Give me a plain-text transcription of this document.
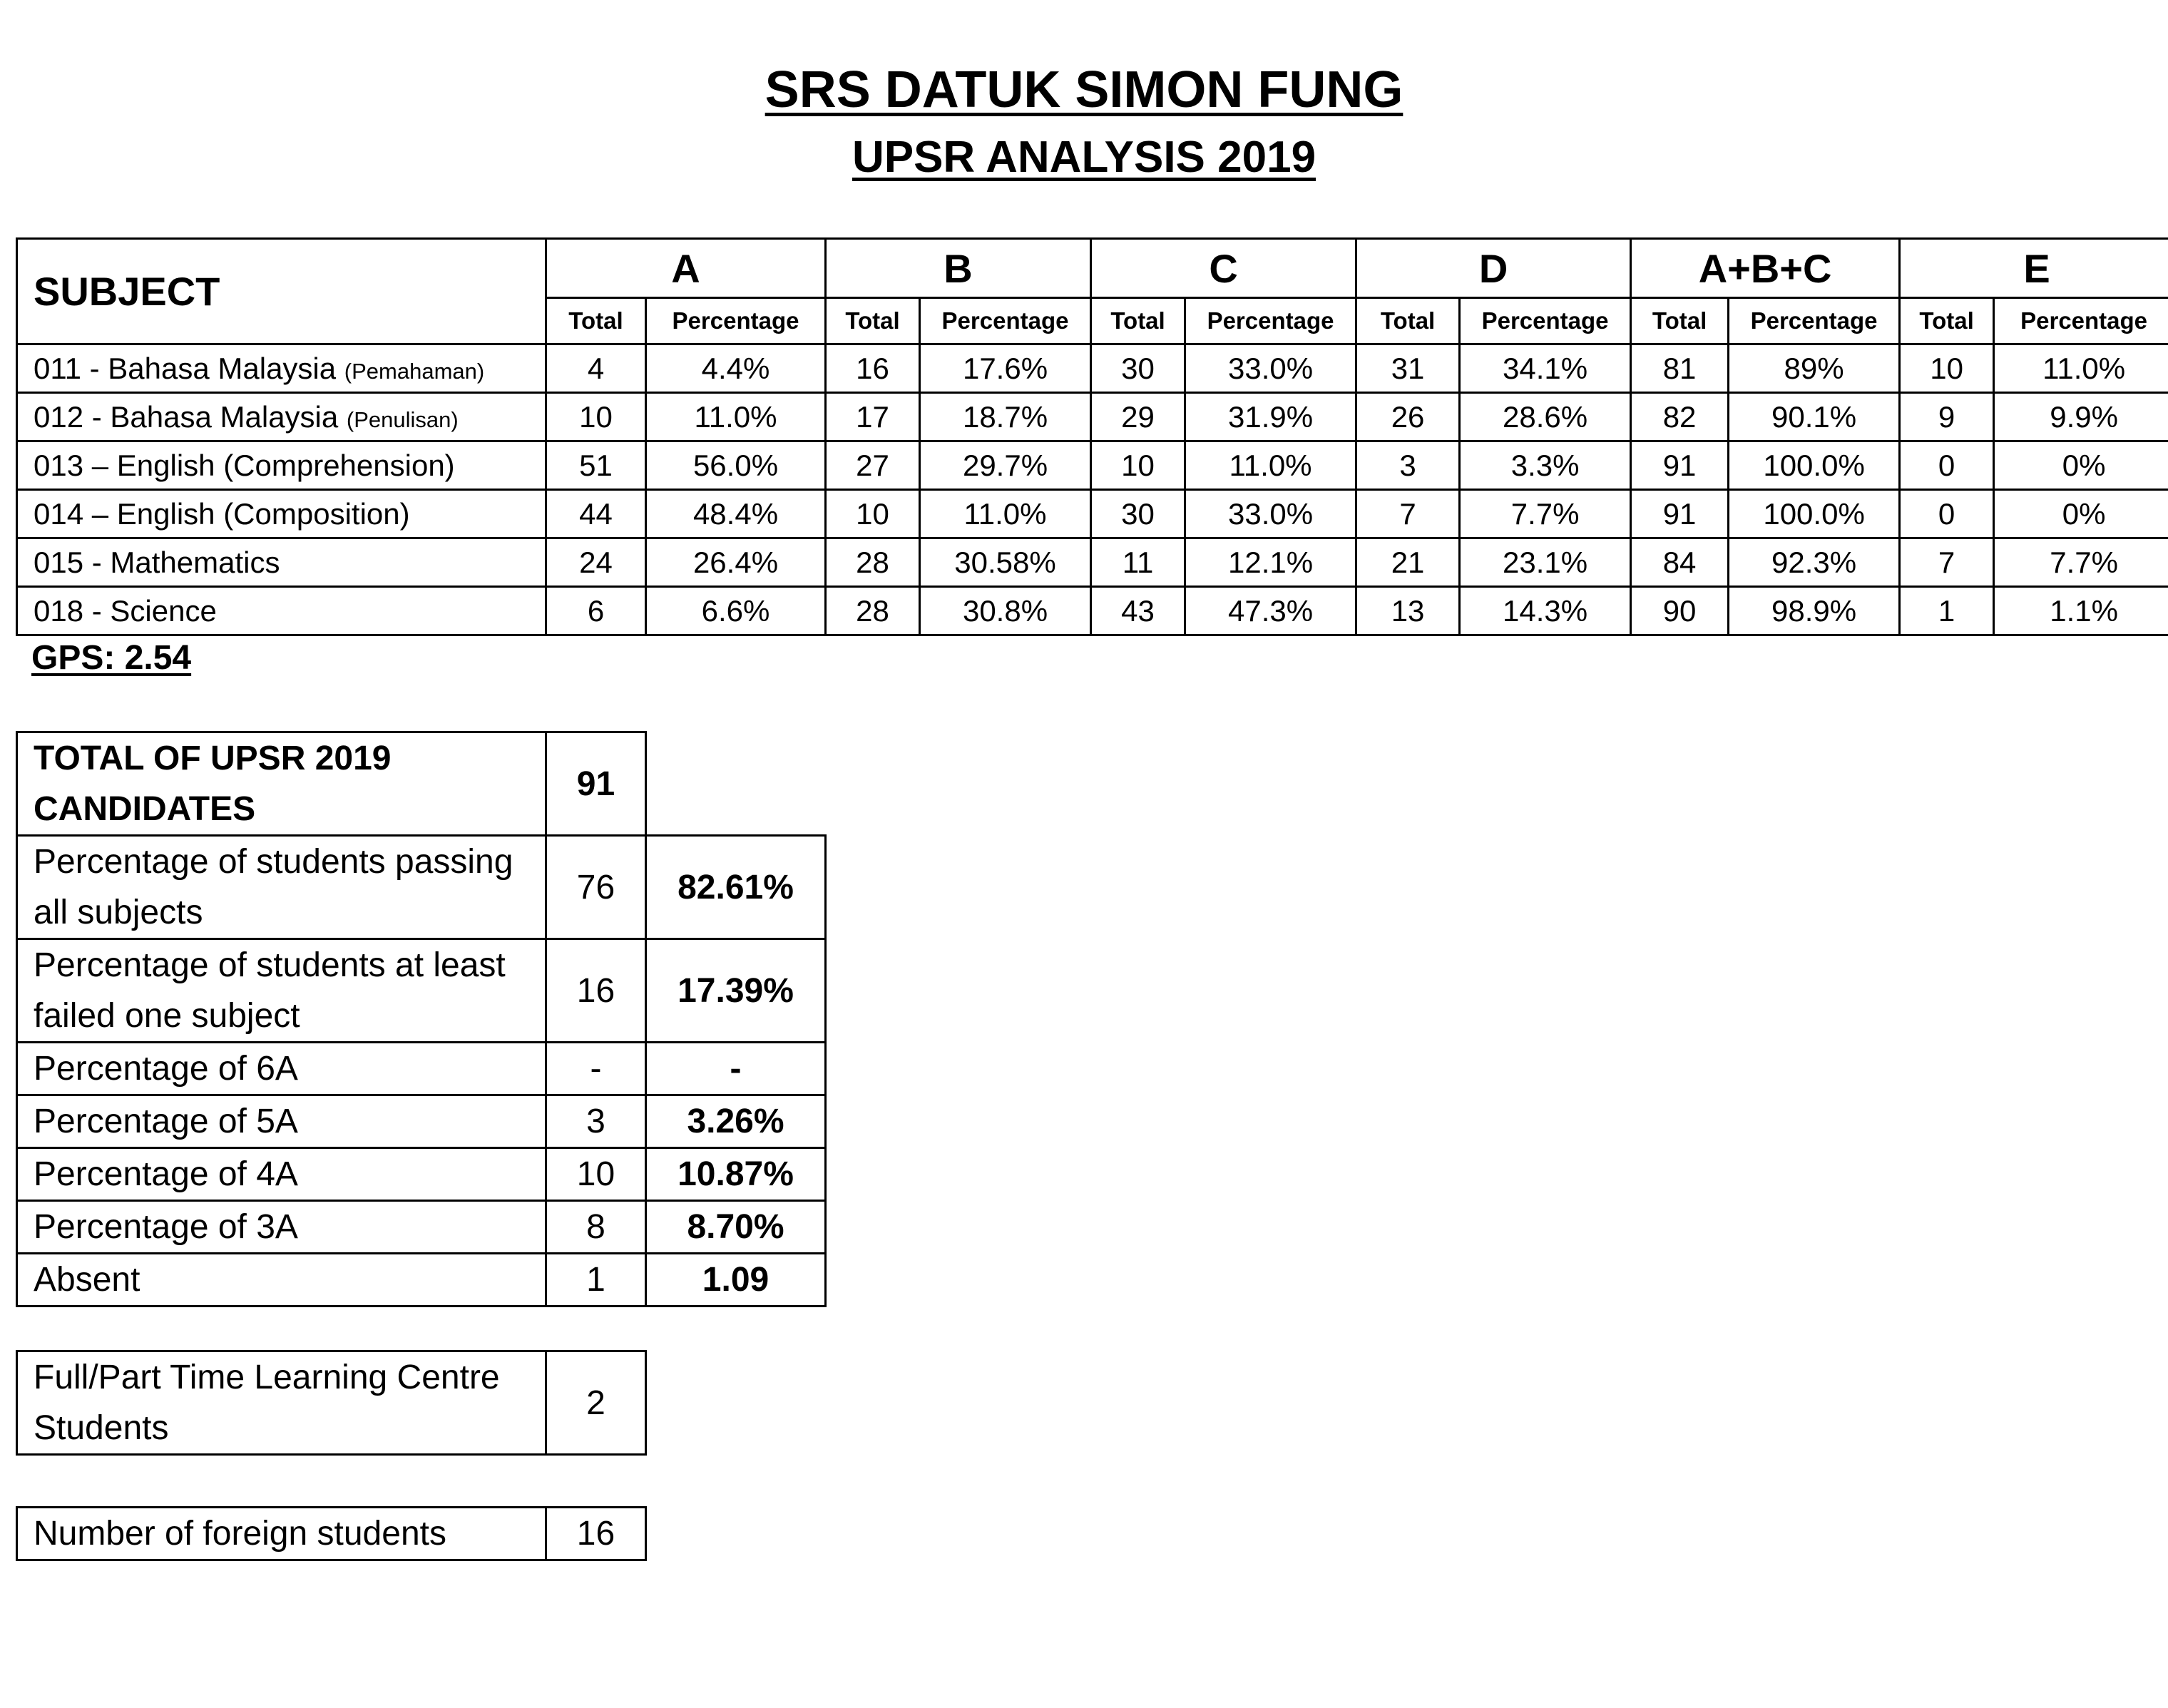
SRS DATUK SIMON FUNG
UPSR ANALYSIS 2019
SUBJECT	A		B		C		D		A+B+C		E	
	Total	Percentage	Total	Percentage	Total	Percentage	Total	Percentage	Total	Percentage	Total	Percentage
011 - Bahasa Malaysia (Pemahaman)	4	4.4%	16	17.6%	30	33.0%	31	34.1%	81	89%	10	11.0%
012 - Bahasa Malaysia (Penulisan)	10	11.0%	17	18.7%	29	31.9%	26	28.6%	82	90.1%	9	9.9%
013 – English (Comprehension)	51	56.0%	27	29.7%	10	11.0%	3	3.3%	91	100.0%	0	0%
014 – English (Composition)	44	48.4%	10	11.0%	30	33.0%	7	7.7%	91	100.0%	0	0%
015 - Mathematics	24	26.4%	28	30.58%	11	12.1%	21	23.1%	84	92.3%	7	7.7%
018 - Science	6	6.6%	28	30.8%	43	47.3%	13	14.3%	90	98.9%	1	1.1%
GPS: 2.54
TOTAL OF UPSR 2019 CANDIDATES	91	
Percentage of students passing all subjects	76	82.61%
Percentage of students at least failed one subject	16	17.39%
Percentage of 6A	-	-
Percentage of 5A	3	3.26%
Percentage of 4A	10	10.87%
Percentage of 3A	8	8.70%
Absent	1	1.09
Full/Part Time Learning Centre Students	2
Number of foreign students	16
